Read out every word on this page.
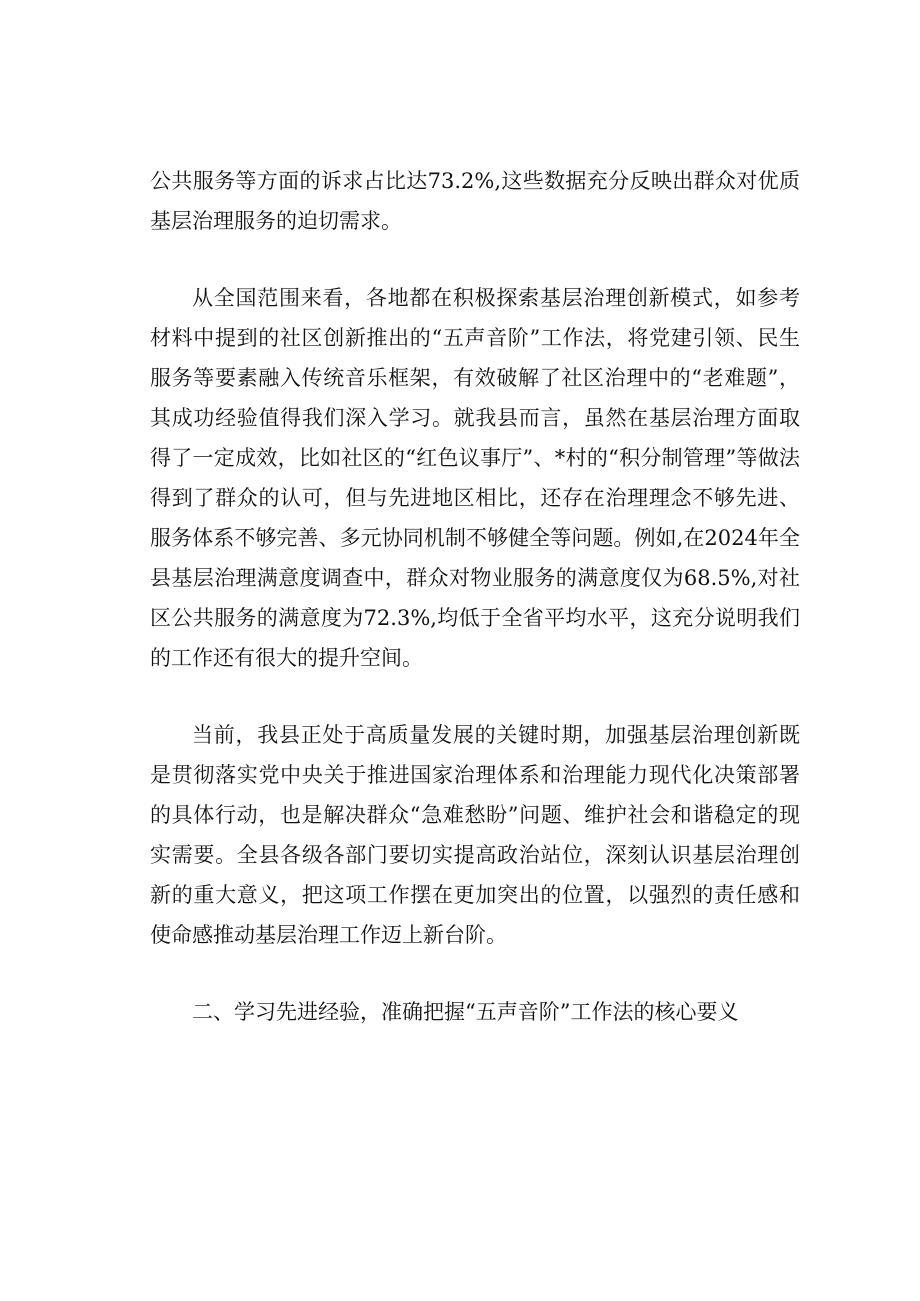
公共服务等方面的诉求占比达73.2%,这些数据充分反映出群众对优质基层治理服务的迫切需求。

从全国范围来看，各地都在积极探索基层治理创新模式，如参考材料中提到的社区创新推出的“五声音阶”工作法，将党建引领、民生服务等要素融入传统音乐框架，有效破解了社区治理中的“老难题”，其成功经验值得我们深入学习。就我县而言，虽然在基层治理方面取得了一定成效，比如社区的“红色议事厅”、*村的“积分制管理”等做法得到了群众的认可，但与先进地区相比，还存在治理理念不够先进、服务体系不够完善、多元协同机制不够健全等问题。例如,在2024年全县基层治理满意度调查中，群众对物业服务的满意度仅为68.5%,对社区公共服务的满意度为72.3%,均低于全省平均水平，这充分说明我们的工作还有很大的提升空间。

当前，我县正处于高质量发展的关键时期，加强基层治理创新既是贯彻落实党中央关于推进国家治理体系和治理能力现代化决策部署的具体行动，也是解决群众“急难愁盼”问题、维护社会和谐稳定的现实需要。全县各级各部门要切实提高政治站位，深刻认识基层治理创新的重大意义，把这项工作摆在更加突出的位置，以强烈的责任感和使命感推动基层治理工作迈上新台阶。

二、学习先进经验，准确把握“五声音阶”工作法的核心要义
